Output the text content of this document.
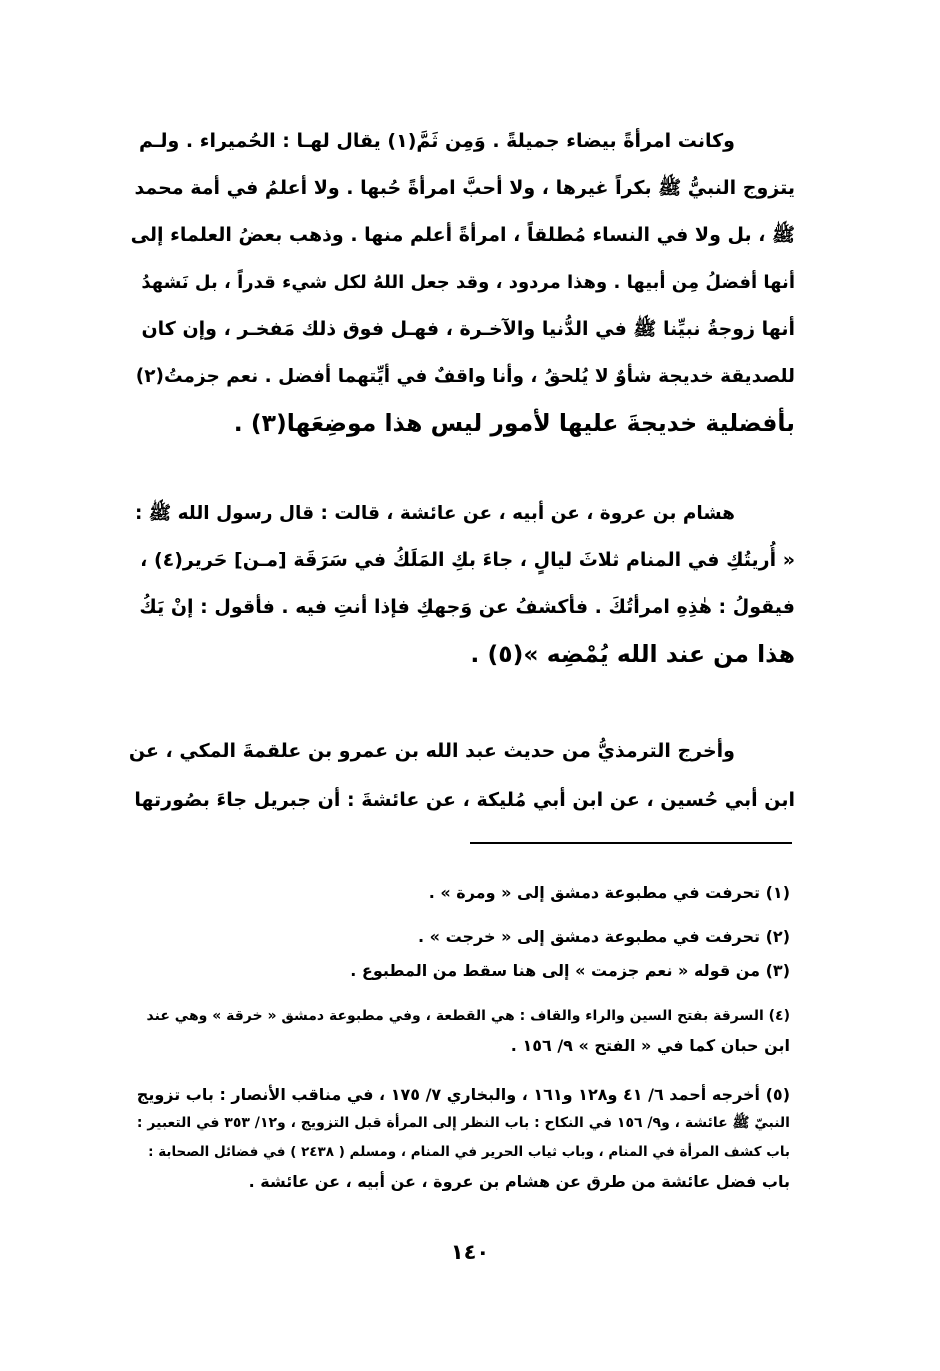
وكانت امرأةً بيضاء جميلةً . وَمِن ثَمَّ(١) يقال لهـا : الحُميراء . ولـم
يتزوج النبيُّ ﷺ بكراً غيرها ، ولا أحبَّ امرأةً حُبها . ولا أعلمُ في أمة محمد
ﷺ ، بل ولا في النساء مُطلقاً ، امرأةً أعلم منها . وذهب بعضُ العلماء إلى
أنها أفضلُ مِن أبيها . وهذا مردود ، وقد جعل اللهُ لكل شيء قدراً ، بل نَشهدُ
أنها زوجةُ نبيِّنا ﷺ في الدُّنيا والآخـرة ، فهـل فوق ذلك مَفخـر ، وإن كان
للصديقة خديجة شأوٌ لا يُلحقُ ، وأنا واقفٌ في أيِّتهما أفضل . نعم جزمتُ(٢)
بأفضلية خديجةَ عليها لأمور ليس هذا موضِعَها(٣) .
هشام بن عروة ، عن أبيه ، عن عائشة ، قالت : قال رسول الله ﷺ :
« أُريتُكِ في المنام ثلاثَ ليالٍ ، جاءَ بكِ المَلَكُ في سَرَقَة [مـن] حَرير(٤) ،
فيقولُ : هٰذِهِ امرأتُكَ . فأكشفُ عن وَجهكِ فإذا أنتِ فيه . فأقول : إنْ يَكُ
هذا من عند الله يُمْضِه »(٥) .
وأخرج الترمذيُّ من حديث عبد الله بن عمرو بن علقمةَ المكي ، عن
ابن أبي حُسين ، عن ابن أبي مُليكة ، عن عائشةَ : أن جبريل جاءَ بصُورتها
(١) تحرفت في مطبوعة دمشق إلى « ومرة » .
(٢) تحرفت في مطبوعة دمشق إلى « خرجت » .
(٣) من قوله « نعم جزمت » إلى هنا سقط من المطبوع .
(٤) السرقة بفتح السين والراء والقاف : هي القطعة ، وفي مطبوعة دمشق « خرقة » وهي عند
ابن حبان كما في « الفتح » ٩/ ١٥٦ .
(٥) أخرجه أحمد ٦/ ٤١ و١٢٨ و١٦١ ، والبخاري ٧/ ١٧٥ ، في مناقب الأنصار : باب تزويج
النبيّ ﷺ عائشة ، و٩/ ١٥٦ في النكاح : باب النظر إلى المرأة قبل التزويج ، و١٢/ ٣٥٣ في التعبير :
باب كشف المرأة في المنام ، وباب ثياب الحرير في المنام ، ومسلم ( ٢٤٣٨ ) في فضائل الصحابة :
باب فضل عائشة من طرق عن هشام بن عروة ، عن أبيه ، عن عائشة .
١٤٠
